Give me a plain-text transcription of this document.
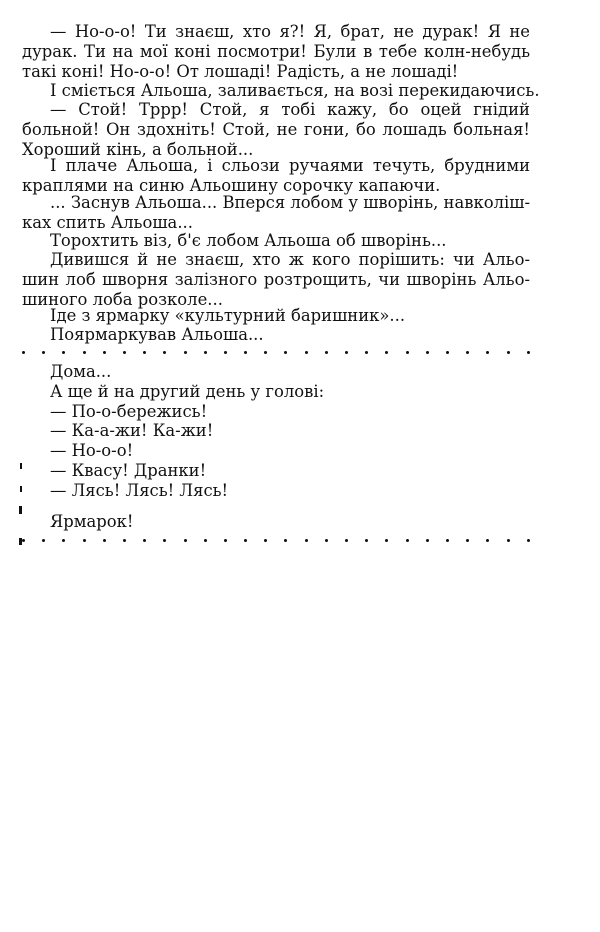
— Но-о-о! Ти знаєш, хто я?! Я, брат, не дурак! Я не
дурак. Ти на мої коні посмотри! Були в тебе колн-небудь
такі коні! Но-о-о! От лошаді! Радість, а не лошаді!
І сміється Альоша, заливається, на возі перекидаючись.
— Стой! Тррр! Стой, я тобі кажу, бо оцей гнідий
больной! Он здохніть! Стой, не гони, бо лошадь больная!
Хороший кінь, а больной...
І плаче Альоша, і сльози ручаями течуть, брудними
краплями на синю Альошину сорочку капаючи.
... Заснув Альоша... Вперся лобом у шворінь, навколіш-
ках спить Альоша...
Торохтить віз, б'є лобом Альоша об шворінь...
Дивишся й не знаєш, хто ж кого порішить: чи Альо-
шин лоб шворня залізного розтрощить, чи шворінь Альо-
шиного лоба розколе...
Іде з ярмарку «культурний баришник»...
Поярмаркував Альоша...
Дома...
А ще й на другий день у голові:
— По-о-бережись!
— Ка-а-жи! Ка-жи!
— Но-о-о!
— Квасу! Дранки!
— Лясь! Лясь! Лясь!
Ярмарок!
